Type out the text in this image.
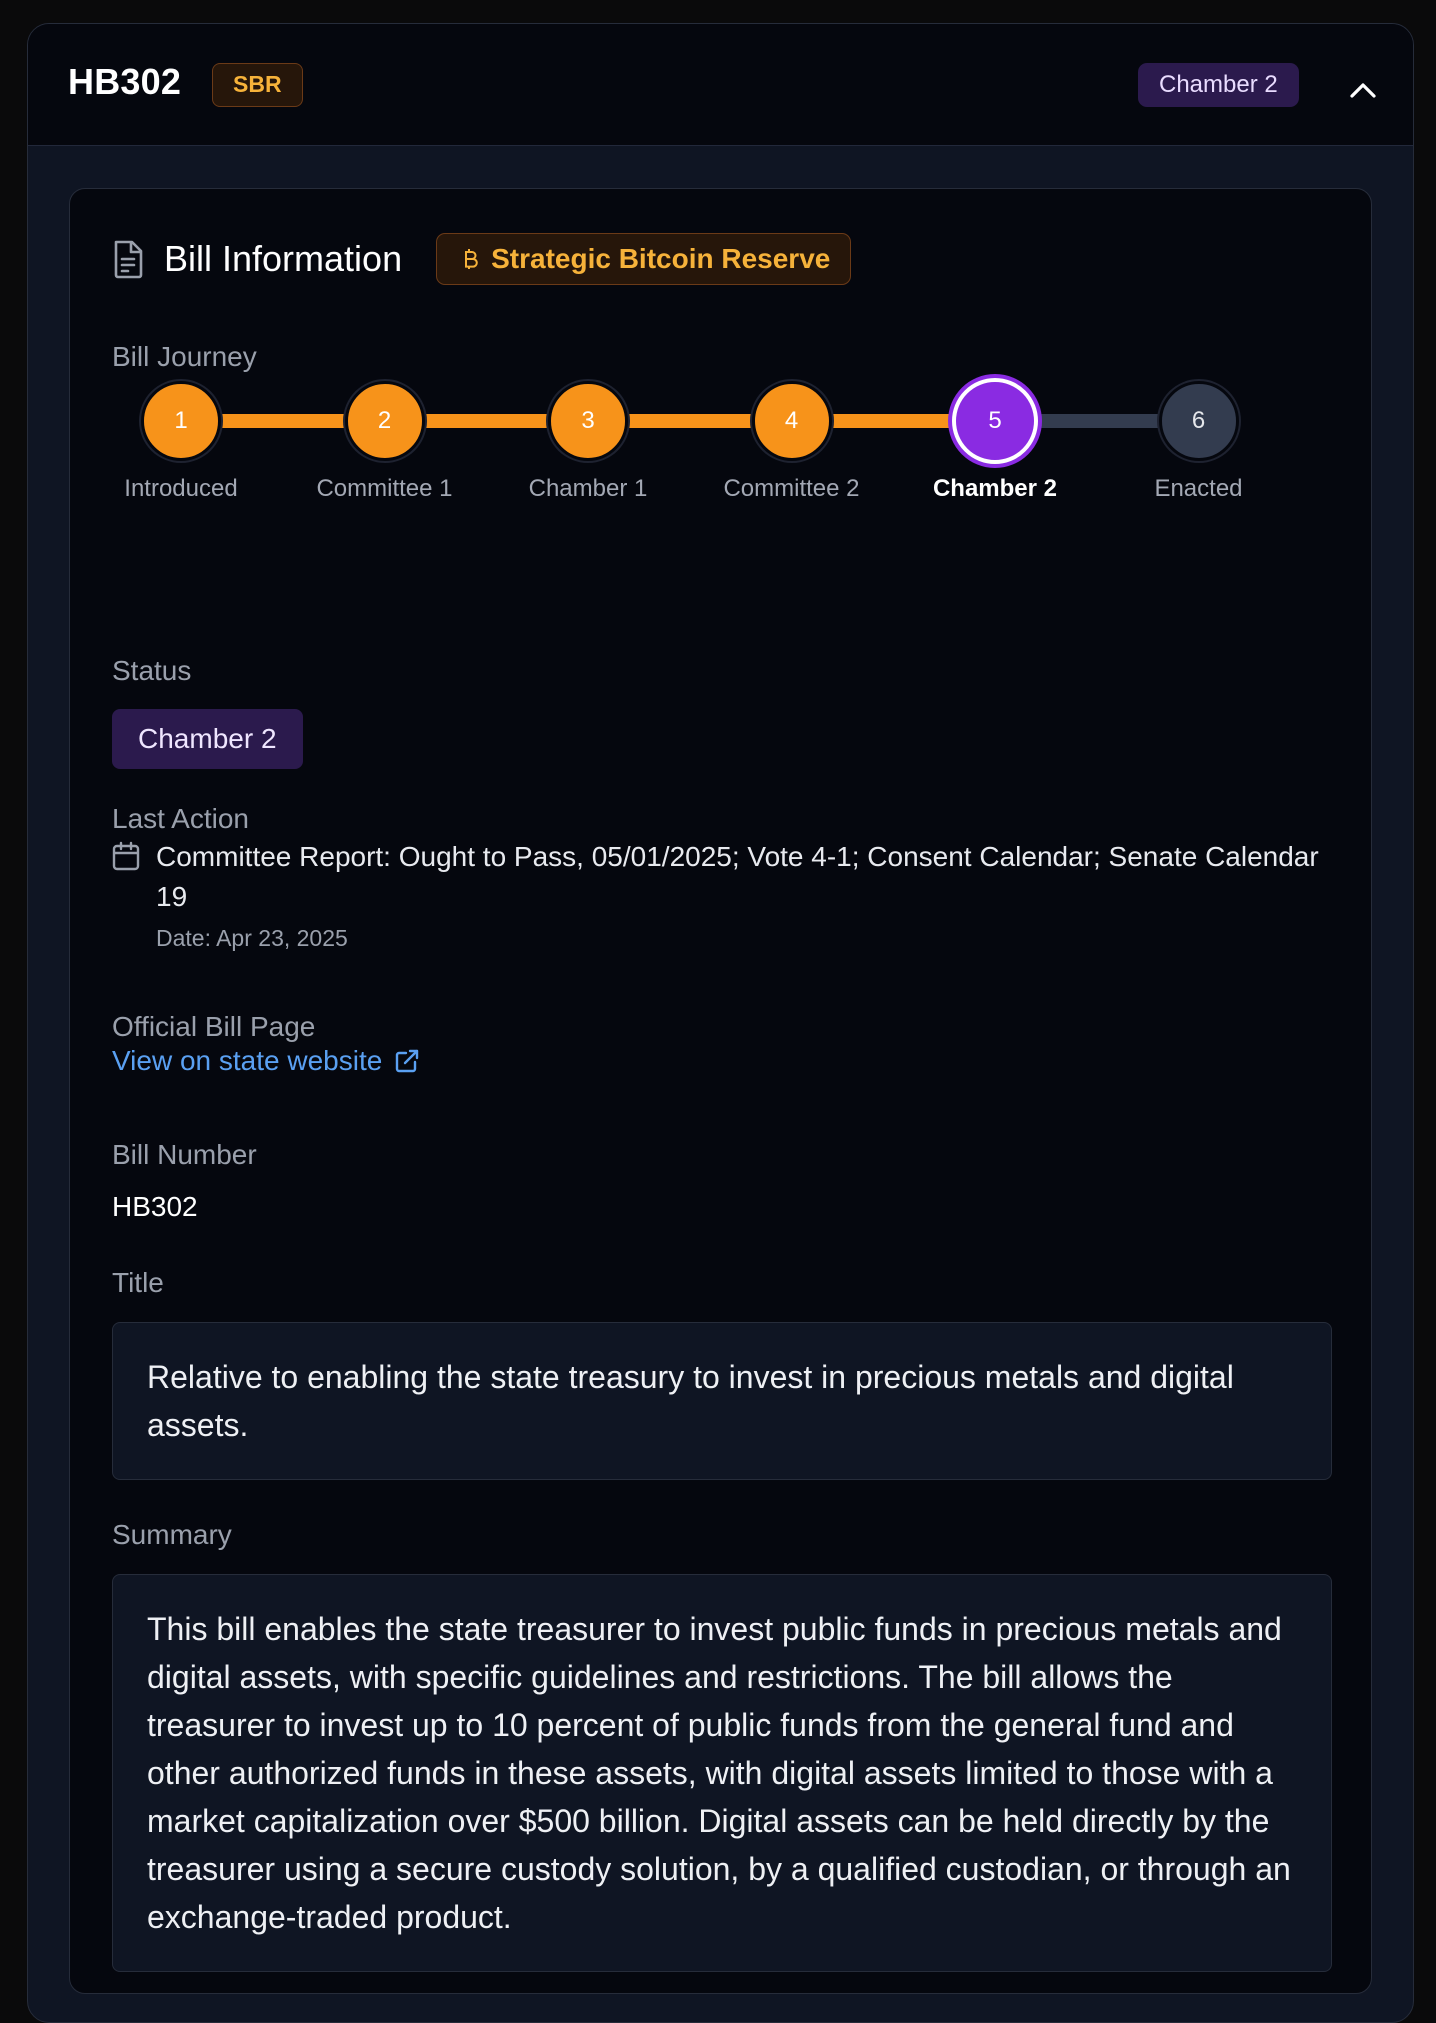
HB302	SBR	Chamber 2
Bill Information	Strategic Bitcoin Reserve
Bill Journey
1
Introduced
2
Committee 1
3
Chamber 1
4
Committee 2
5
Chamber 2
6
Enacted
Status
Chamber 2
Last Action
Committee Report: Ought to Pass, 05/01/2025; Vote 4-1; Consent Calendar; Senate Calendar 19
Date: Apr 23, 2025
Official Bill Page
View on state website
Bill Number
HB302
Title
Relative to enabling the state treasury to invest in precious metals and digital assets.
Summary
This bill enables the state treasurer to invest public funds in precious metals and digital assets, with specific guidelines and restrictions. The bill allows the treasurer to invest up to 10 percent of public funds from the general fund and other authorized funds in these assets, with digital assets limited to those with a market capitalization over $500 billion. Digital assets can be held directly by the treasurer using a secure custody solution, by a qualified custodian, or through an exchange-traded product.
